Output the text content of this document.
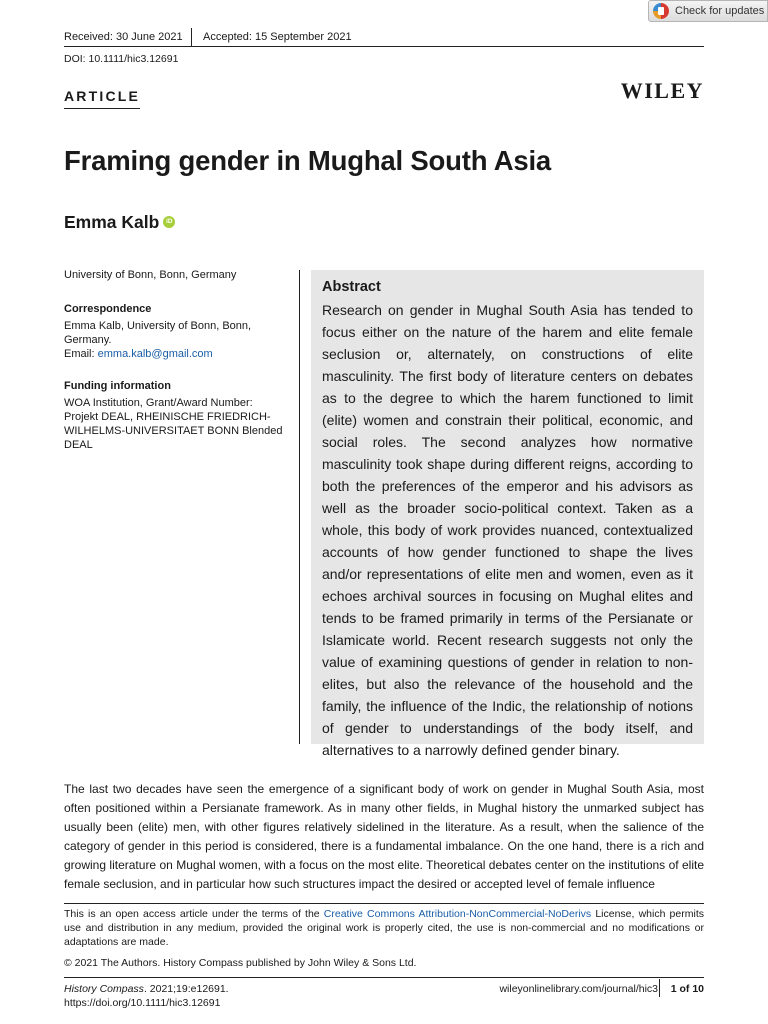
Check for updates
Received: 30 June 2021 Accepted: 15 September 2021
DOI: 10.1111/hic3.12691
ARTICLE	WILEY
Framing gender in Mughal South Asia
Emma Kalb	iD

University of Bonn, Bonn, Germany

Correspondence

Emma Kalb, University of Bonn, Bonn, Germany.

Email: emma.kalb@gmail.com

Funding information

WOA Institution, Grant/Award Number: Projekt DEAL, RHEINISCHE FRIEDRICH-WILHELMS-UNIVERSITAET BONN Blended DEAL

Abstract
Research on gender in Mughal South Asia has tended to focus either on the nature of the harem and elite female seclusion or, alternately, on constructions of elite masculinity. The first body of literature centers on debates as to the degree to which the harem functioned to limit (elite) women and constrain their political, economic, and social roles. The second analyzes how normative masculinity took shape during different reigns, according to both the preferences of the emperor and his advisors as well as the broader socio-political context. Taken as a whole, this body of work provides nuanced, contextualized accounts of how gender functioned to shape the lives and/or representations of elite men and women, even as it echoes archival sources in focusing on Mughal elites and tends to be framed primarily in terms of the Persianate or Islamicate world. Recent research suggests not only the value of examining questions of gender in relation to non-elites, but also the relevance of the household and the family, the influence of the Indic, the relationship of notions of gender to understandings of the body itself, and alternatives to a narrowly defined gender binary.
The last two decades have seen the emergence of a significant body of work on gender in Mughal South Asia, most often positioned within a Persianate framework. As in many other fields, in Mughal history the unmarked subject has usually been (elite) men, with other figures relatively sidelined in the literature. As a result, when the salience of the category of gender in this period is considered, there is a fundamental imbalance. On the one hand, there is a rich and growing literature on Mughal women, with a focus on the most elite. Theoretical debates center on the institutions of elite female seclusion, and in particular how such structures impact the desired or accepted level of female influence
This is an open access article under the terms of the Creative Commons Attribution-NonCommercial-NoDerivs License, which permits use and distribution in any medium, provided the original work is properly cited, the use is non-commercial and no modifications or adaptations are made.
© 2021 The Authors. History Compass published by John Wiley & Sons Ltd.
History Compass. 2021;19:e12691.
https://doi.org/10.1111/hic3.12691
wileyonlinelibrary.com/journal/hic3 1 of 10
